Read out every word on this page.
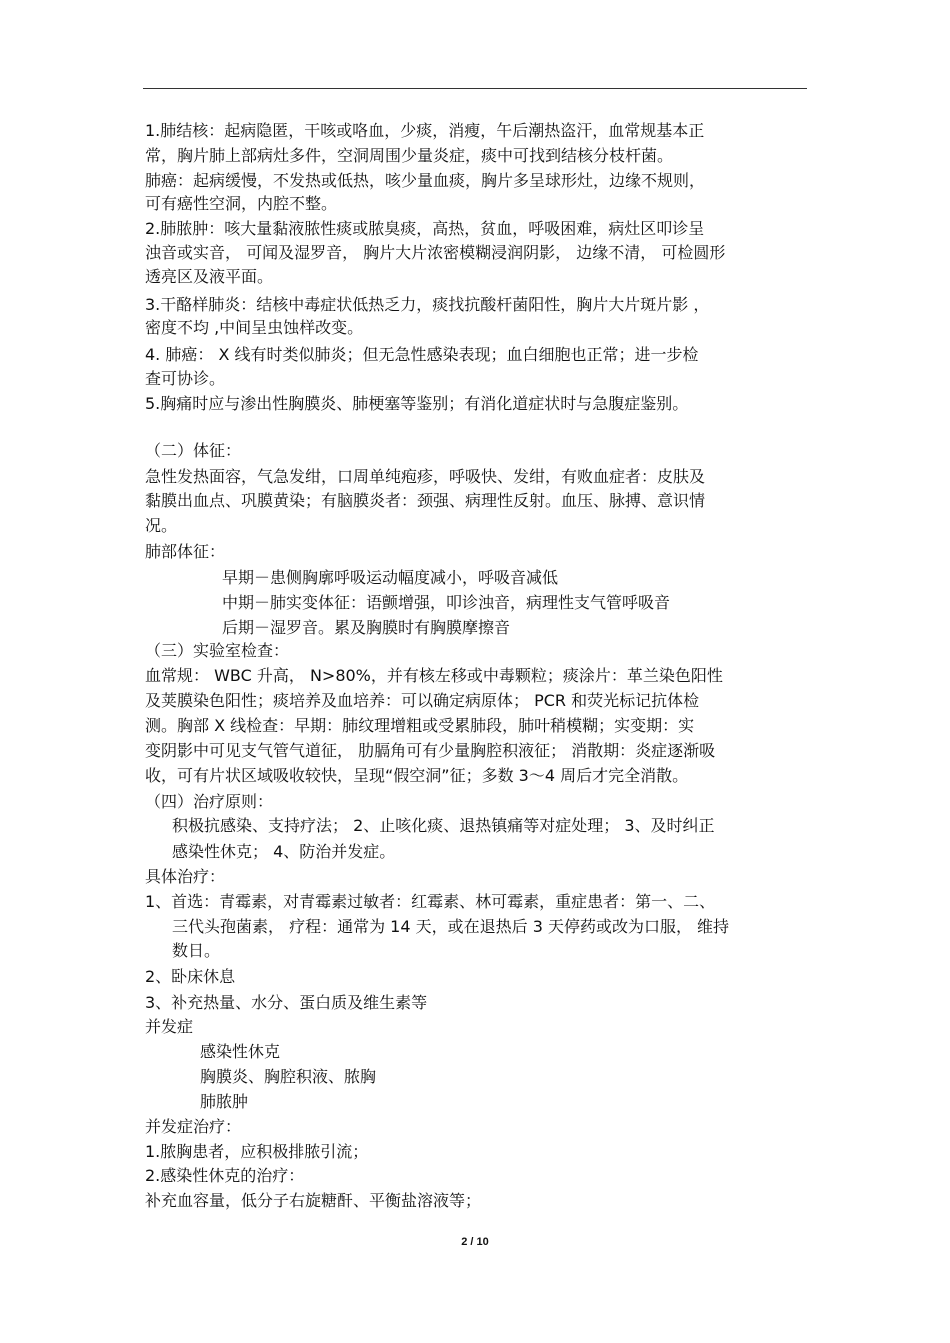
1.肺结核：起病隐匿，干咳或咯血，少痰，消瘦，午后潮热盗汗，血常规基本正
常，胸片肺上部病灶多件，空洞周围少量炎症，痰中可找到结核分枝杆菌。
肺癌：起病缓慢，不发热或低热，咳少量血痰，胸片多呈球形灶，边缘不规则，
可有癌性空洞，内腔不整。
2.肺脓肿：咳大量黏液脓性痰或脓臭痰，高热，贫血，呼吸困难，病灶区叩诊呈
浊音或实音， 可闻及湿罗音， 胸片大片浓密模糊浸润阴影， 边缘不清， 可检圆形
透亮区及液平面。
3.干酪样肺炎：结核中毒症状低热乏力，痰找抗酸杆菌阳性，胸片大片斑片影 ，
密度不均 ,中间呈虫蚀样改变。
4. 肺癌： X 线有时类似肺炎；但无急性感染表现；血白细胞也正常；进一步检
查可协诊。
5.胸痛时应与渗出性胸膜炎、肺梗塞等鉴别；有消化道症状时与急腹症鉴别。
（二）体征：
急性发热面容，气急发绀，口周单纯疱疹，呼吸快、发绀，有败血症者：皮肤及
黏膜出血点、巩膜黄染；有脑膜炎者：颈强、病理性反射。血压、脉搏、意识情
况。
肺部体征：
早期－患侧胸廓呼吸运动幅度减小，呼吸音减低
中期－肺实变体征：语颤增强，叩诊浊音，病理性支气管呼吸音
后期－湿罗音。累及胸膜时有胸膜摩擦音
（三）实验室检查：
血常规： WBC 升高， N>80%，并有核左移或中毒颗粒；痰涂片：革兰染色阳性
及荚膜染色阳性；痰培养及血培养：可以确定病原体； PCR 和荧光标记抗体检
测。胸部 X 线检查：早期：肺纹理增粗或受累肺段，肺叶稍模糊；实变期：实
变阴影中可见支气管气道征， 肋膈角可有少量胸腔积液征； 消散期：炎症逐渐吸
收，可有片状区域吸收较快，呈现“假空洞”征；多数 3～4 周后才完全消散。
（四）治疗原则：
积极抗感染、支持疗法； 2、止咳化痰、退热镇痛等对症处理； 3、及时纠正
感染性休克； 4、防治并发症。
具体治疗：
1、首选：青霉素，对青霉素过敏者：红霉素、林可霉素，重症患者：第一、二、
三代头孢菌素， 疗程：通常为 14 天，或在退热后 3 天停药或改为口服， 维持
数日。
2、卧床休息
3、补充热量、水分、蛋白质及维生素等
并发症
感染性休克
胸膜炎、胸腔积液、脓胸
肺脓肿
并发症治疗：
1.脓胸患者，应积极排脓引流；
2.感染性休克的治疗：
补充血容量，低分子右旋糖酐、平衡盐溶液等；
2 / 10
